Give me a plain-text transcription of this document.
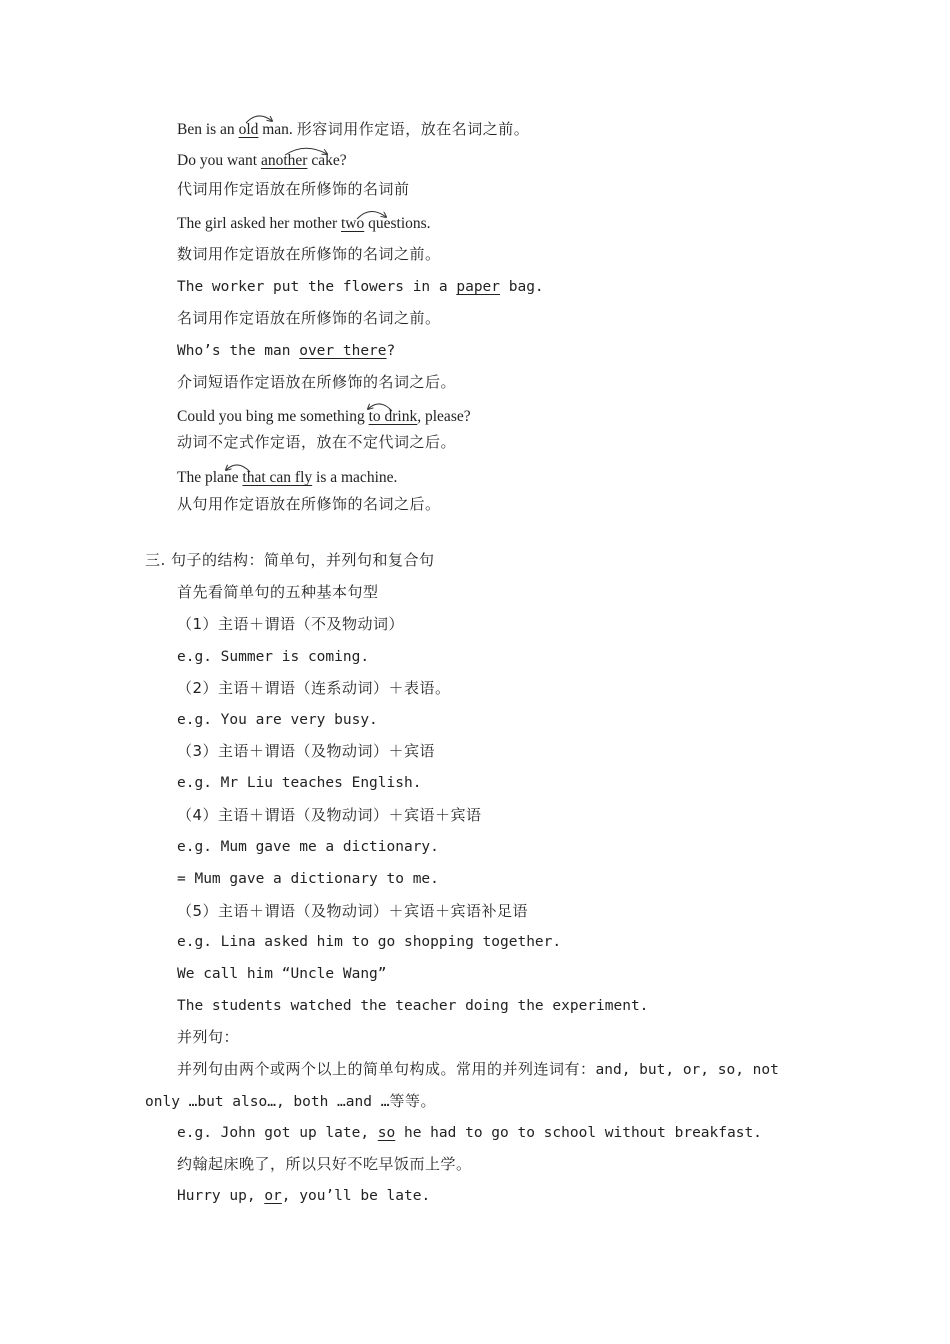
Ben is an old man. 形容词用作定语，放在名词之前。
Do you want another cake?
代词用作定语放在所修饰的名词前
The girl asked her mother two questions.
数词用作定语放在所修饰的名词之前。
The worker put the flowers in a paper bag.
名词用作定语放在所修饰的名词之前。
Who’s the man over there?
介词短语作定语放在所修饰的名词之后。
Could you bing me something to drink, please?
动词不定式作定语，放在不定代词之后。
The plane that can fly is a machine.
从句用作定语放在所修饰的名词之后。
三. 句子的结构：简单句，并列句和复合句
首先看简单句的五种基本句型
（1）主语＋谓语（不及物动词）
e.g. Summer is coming.
（2）主语＋谓语（连系动词）＋表语。
e.g. You are very busy.
（3）主语＋谓语（及物动词）＋宾语
e.g. Mr Liu teaches English.
（4）主语＋谓语（及物动词）＋宾语＋宾语
e.g. Mum gave me a dictionary.
= Mum gave a dictionary to me.
（5）主语＋谓语（及物动词）＋宾语＋宾语补足语
e.g. Lina asked him to go shopping together.
We call him “Uncle Wang”
The students watched the teacher doing the experiment.
并列句：
并列句由两个或两个以上的简单句构成。常用的并列连词有：and, but, or, so, not
only …but also…, both …and …等等。
e.g. John got up late, so he had to go to school without breakfast.
约翰起床晚了，所以只好不吃早饭而上学。
Hurry up, or, you’ll be late.
